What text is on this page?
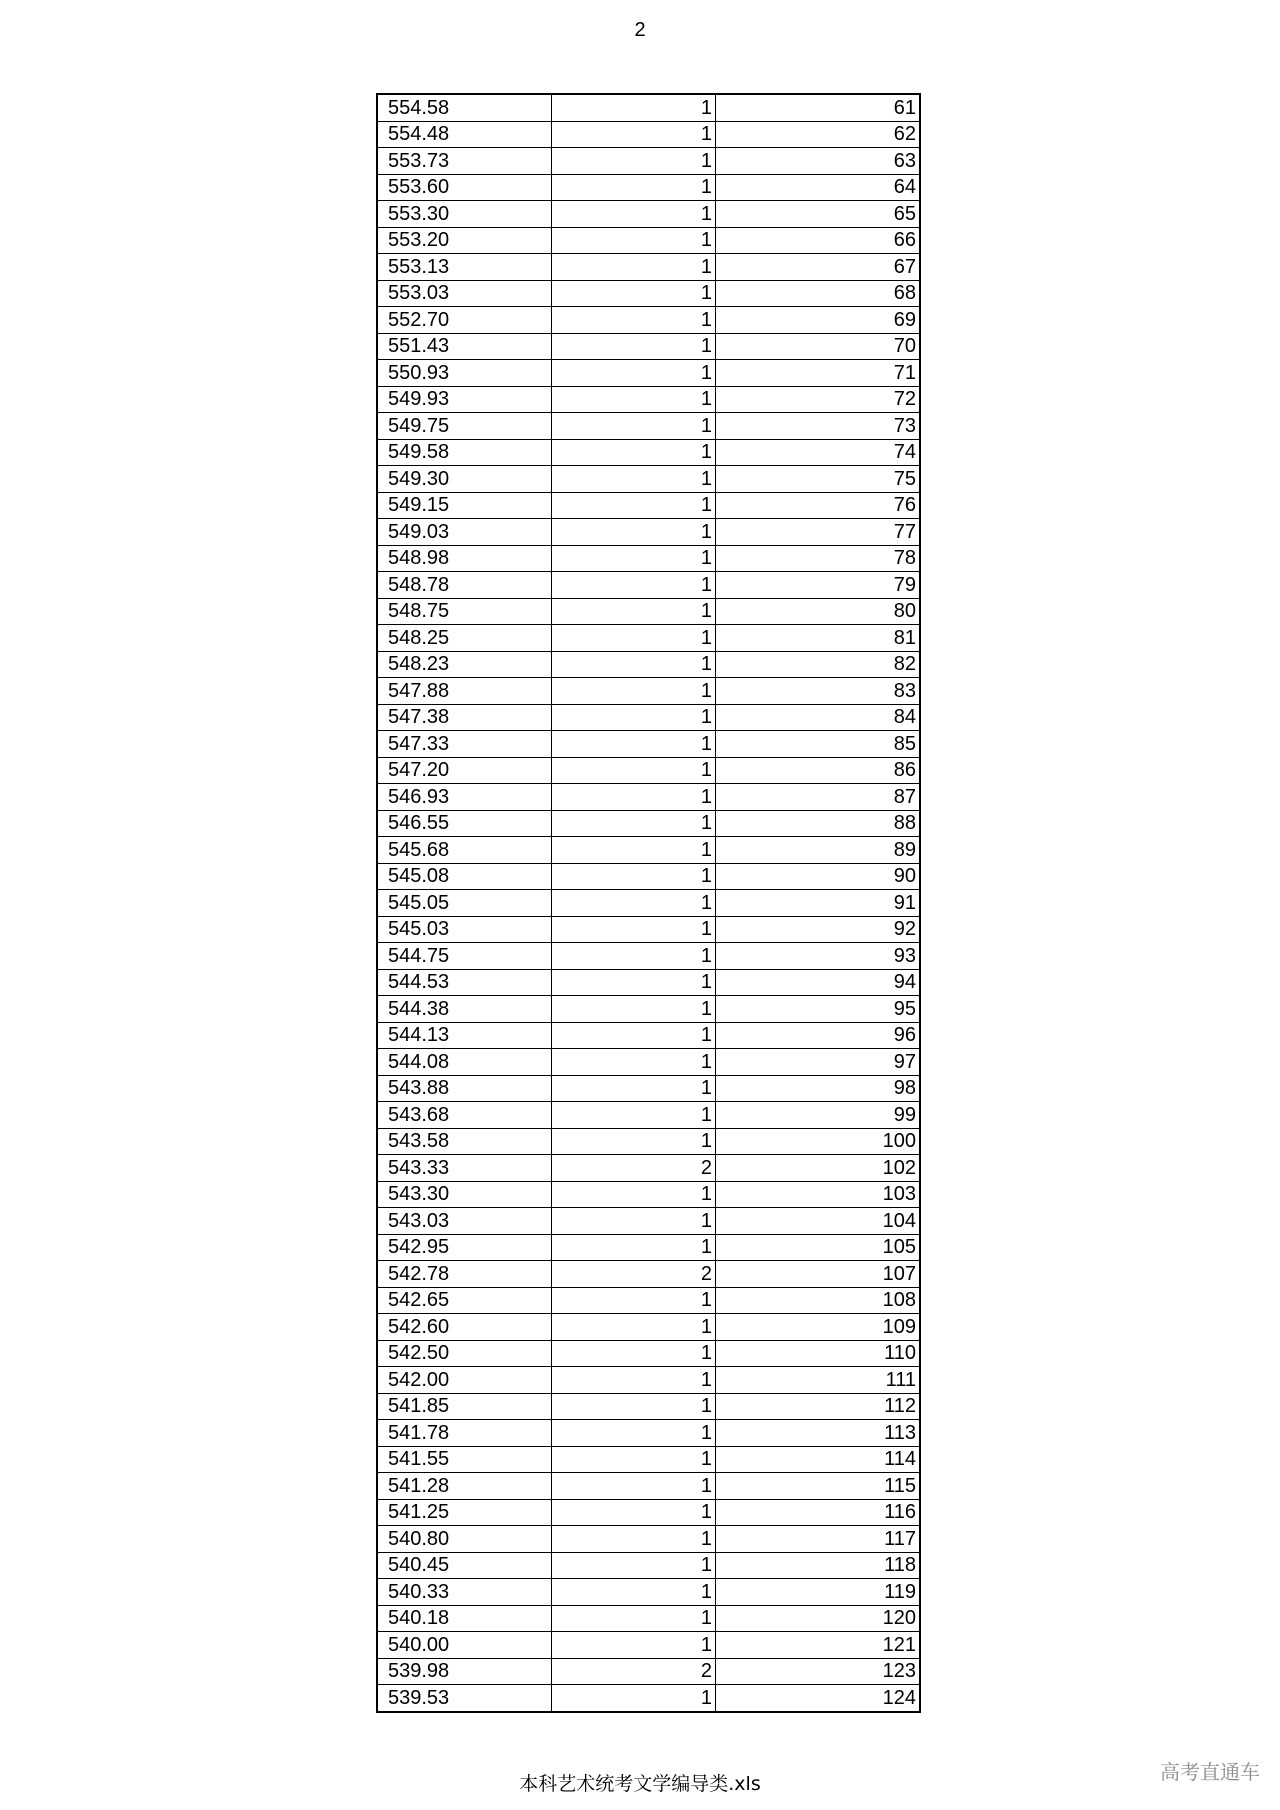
2
554.58	1	61
554.48	1	62
553.73	1	63
553.60	1	64
553.30	1	65
553.20	1	66
553.13	1	67
553.03	1	68
552.70	1	69
551.43	1	70
550.93	1	71
549.93	1	72
549.75	1	73
549.58	1	74
549.30	1	75
549.15	1	76
549.03	1	77
548.98	1	78
548.78	1	79
548.75	1	80
548.25	1	81
548.23	1	82
547.88	1	83
547.38	1	84
547.33	1	85
547.20	1	86
546.93	1	87
546.55	1	88
545.68	1	89
545.08	1	90
545.05	1	91
545.03	1	92
544.75	1	93
544.53	1	94
544.38	1	95
544.13	1	96
544.08	1	97
543.88	1	98
543.68	1	99
543.58	1	100
543.33	2	102
543.30	1	103
543.03	1	104
542.95	1	105
542.78	2	107
542.65	1	108
542.60	1	109
542.50	1	110
542.00	1	111
541.85	1	112
541.78	1	113
541.55	1	114
541.28	1	115
541.25	1	116
540.80	1	117
540.45	1	118
540.33	1	119
540.18	1	120
540.00	1	121
539.98	2	123
539.53	1	124
本科艺术统考文学编导类.xls	高考直通车
